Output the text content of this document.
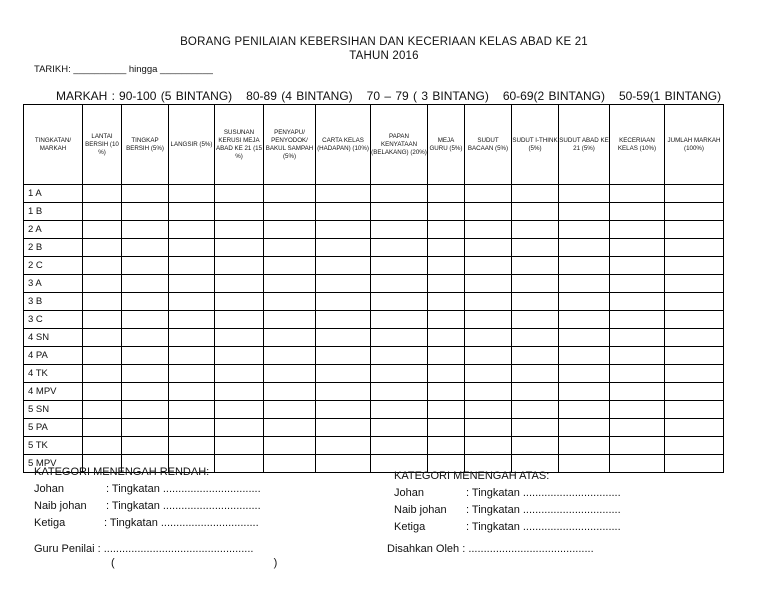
BORANG PENILAIAN KEBERSIHAN DAN KECERIAAN KELAS ABAD KE 21
TAHUN 2016
TARIKH: __________ hingga __________
MARKAH : 90-100 (5 BINTANG) 80-89 (4 BINTANG) 70 – 79 ( 3 BINTANG) 60-69(2 BINTANG) 50-59(1 BINTANG)
TINGKATAN/ MARKAH	LANTAI BERSIH (10 %)	TINGKAP BERSIH (5%)	LANGSIR (5%)	SUSUNAN KERUSI MEJA ABAD KE 21 (15 %)	PENYAPU/ PENYODOK/ BAKUL SAMPAH (5%)	CARTA KELAS (HADAPAN) (10%)	PAPAN KENYATAAN (BELAKANG) (20%)	MEJA GURU (5%)	SUDUT BACAAN (5%)	SUDUT I-THINK (5%)	SUDUT ABAD KE 21 (5%)	KECERIAAN KELAS (10%)	JUMLAH MARKAH (100%)
1 A													
1 B													
2 A													
2 B													
2 C													
3 A													
3 B													
3 C													
4 SN													
4 PA													
4 TK													
4 MPV													
5 SN													
5 PA													
5 TK													
5 MPV													
KATEGORI MENENGAH RENDAH:
Johan	: Tingkatan ................................
Naib johan : Tingkatan ................................
Ketiga	: Tingkatan ................................
KATEGORI MENENGAH ATAS:
Johan	: Tingkatan ................................
Naib johan : Tingkatan ................................
Ketiga	: Tingkatan ................................
Guru Penilai : .................................................
(                                                    )
Disahkan Oleh : .........................................
